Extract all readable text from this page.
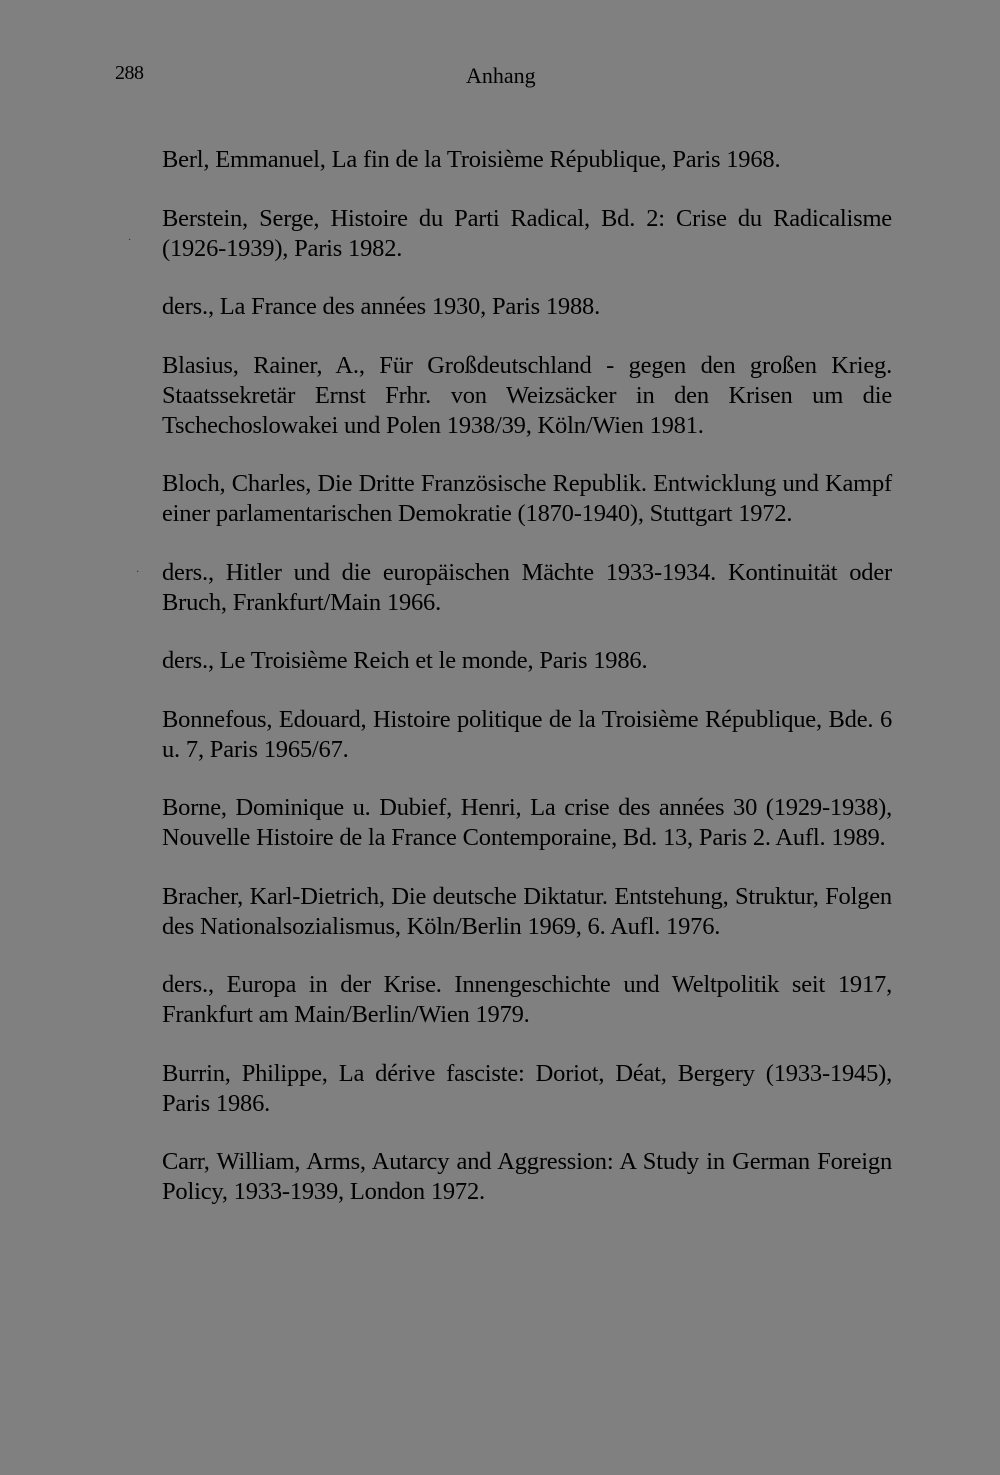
288	Anhang
·
·
Berl, Emmanuel, La fin de la Troisième République, Paris 1968.
Berstein, Serge, Histoire du Parti Radical, Bd. 2: Crise du Radicalisme (1926-1939), Paris 1982.
ders., La France des années 1930, Paris 1988.
Blasius, Rainer, A., Für Großdeutschland - gegen den großen Krieg. Staatssekretär Ernst Frhr. von Weizsäcker in den Krisen um die Tschechoslowakei und Polen 1938/39, Köln/Wien 1981.
Bloch, Charles, Die Dritte Französische Republik. Entwicklung und Kampf einer parlamentarischen Demokratie (1870-1940), Stuttgart 1972.
ders., Hitler und die europäischen Mächte 1933-1934. Kontinuität oder Bruch, Frankfurt/Main 1966.
ders., Le Troisième Reich et le monde, Paris 1986.
Bonnefous, Edouard, Histoire politique de la Troisième République, Bde. 6 u. 7, Paris 1965/67.
Borne, Dominique u. Dubief, Henri, La crise des années 30 (1929-1938), Nouvelle Histoire de la France Contemporaine, Bd. 13, Paris 2. Aufl. 1989.
Bracher, Karl-Dietrich, Die deutsche Diktatur. Entstehung, Struktur, Folgen des Nationalsozialismus, Köln/Berlin 1969, 6. Aufl. 1976.
ders., Europa in der Krise. Innengeschichte und Weltpolitik seit 1917, Frankfurt am Main/Berlin/Wien 1979.
Burrin, Philippe, La dérive fasciste: Doriot, Déat, Bergery (1933-1945), Paris 1986.
Carr, William, Arms, Autarcy and Aggression: A Study in German Foreign Policy, 1933-1939, London 1972.
